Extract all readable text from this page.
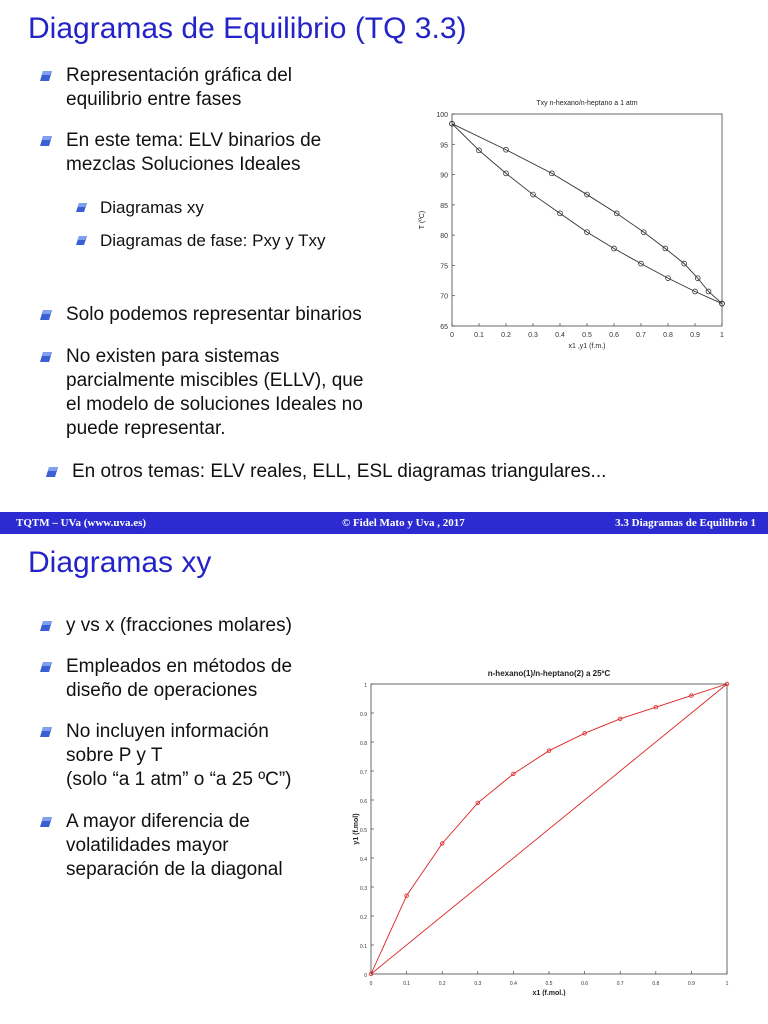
Diagramas de Equilibrio (TQ 3.3)
Representación gráfica del
equilibrio entre fases
En este tema: ELV binarios de
mezclas Soluciones Ideales
Diagramas xy
Diagramas de fase: Pxy y Txy
Solo podemos representar binarios
No existen para sistemas
parcialmente miscibles (ELLV), que
el modelo de soluciones Ideales no
puede representar.
En otros temas: ELV reales, ELL, ESL diagramas triangulares...
Txy n-hexano/n-heptano a 1 atm
0	0.1 0.2 0.3 0.4 0.5 0.6 0.7 0.8 0.9	1
65
70
75
80
85
90
95
100
x1 ,y1 (f.m.)
T (ºC)
TQTM – UVa (www.uva.es)	© Fidel Mato y Uva , 2017	3.3 Diagramas de Equilibrio 1
Diagramas xy
y vs x (fracciones molares)
Empleados en métodos de
diseño de operaciones
No incluyen información
sobre P y T
(solo “a 1 atm” o “a 25 ºC”)
A mayor diferencia de
volatilidades mayor
separación de la diagonal
n-hexano(1)/n-heptano(2) a 25ºC
0	0.1	0.2	0.3	0.4	0.5	0.6	0.7	0.8	0.9	1
0
0.1
0.2
0.3
0.4
0.5
0.6
0.7
0.8
0.9
1
x1 (f.mol.)
y1 (f.mol)
